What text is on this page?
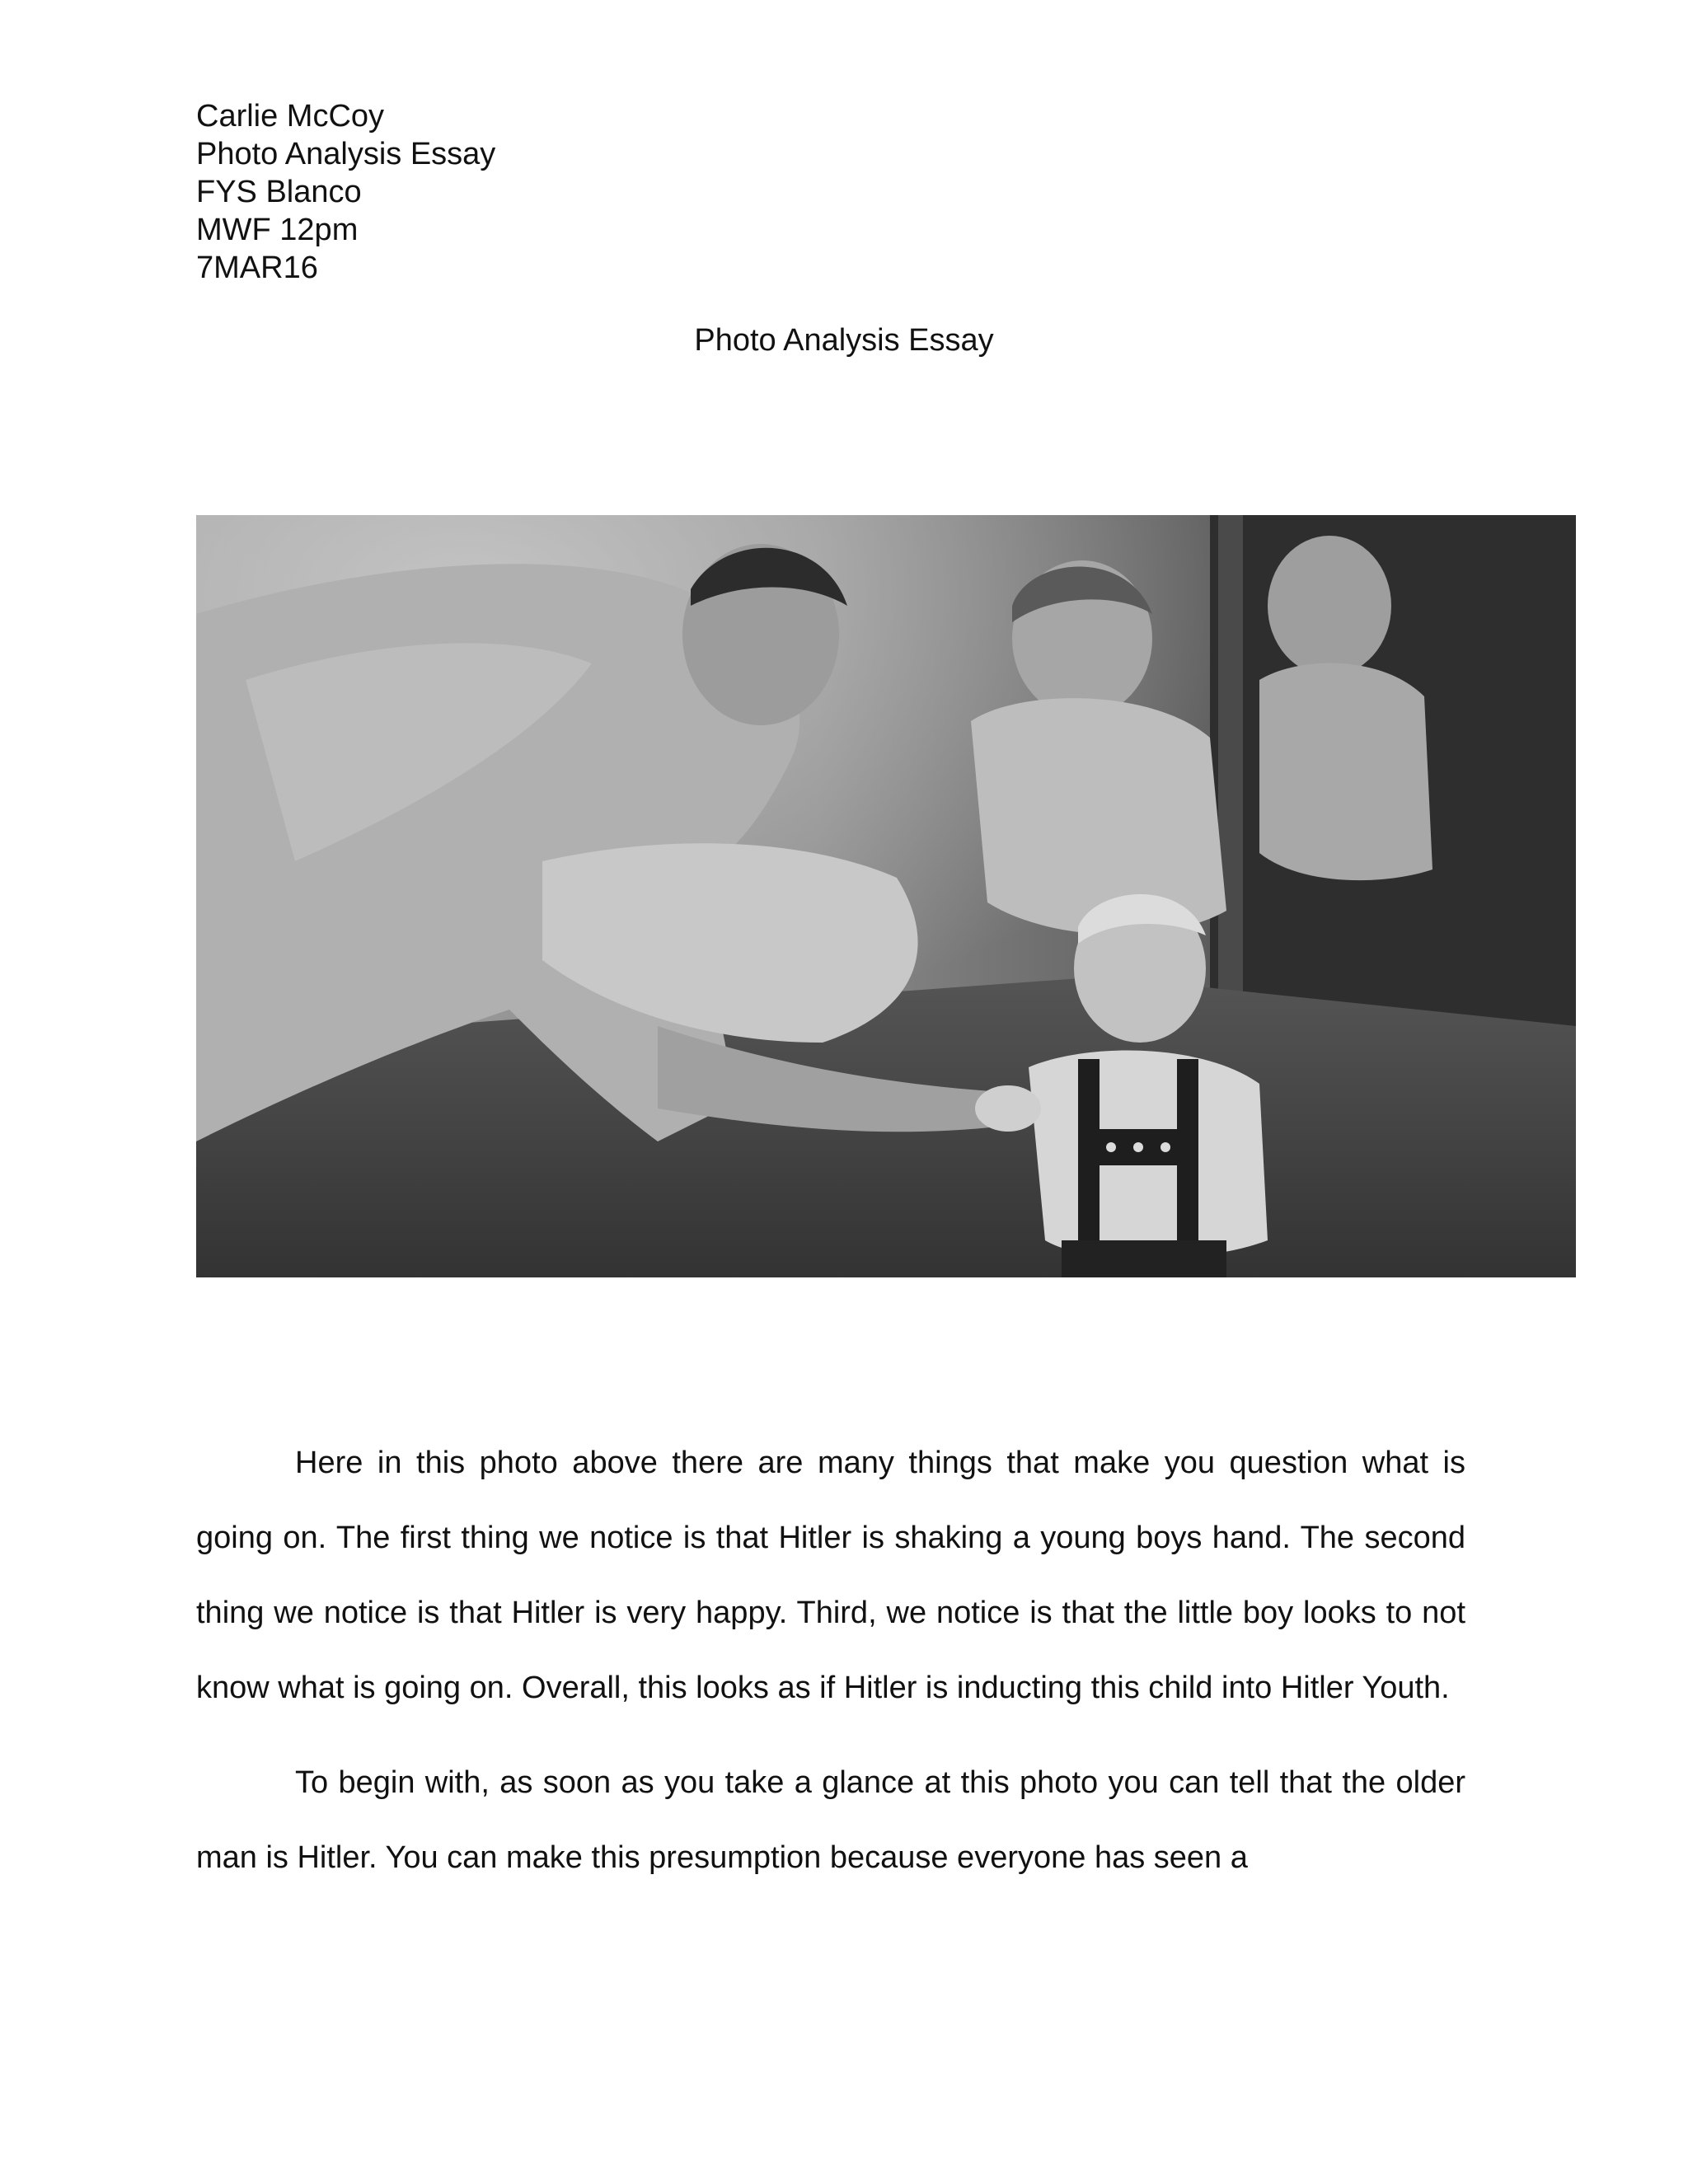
Carlie McCoy
Photo Analysis Essay
FYS Blanco
MWF 12pm
7MAR16
Photo Analysis Essay

Here in this photo above there are many things that make you question what is going on. The first thing we notice is that Hitler is shaking a young boys hand. The second thing we notice is that Hitler is very happy. Third, we notice is that the little boy looks to not know what is going on. Overall, this looks as if Hitler is inducting this child into Hitler Youth.

To begin with, as soon as you take a glance at this photo you can tell that the older man is Hitler. You can make this presumption because everyone has seen a
